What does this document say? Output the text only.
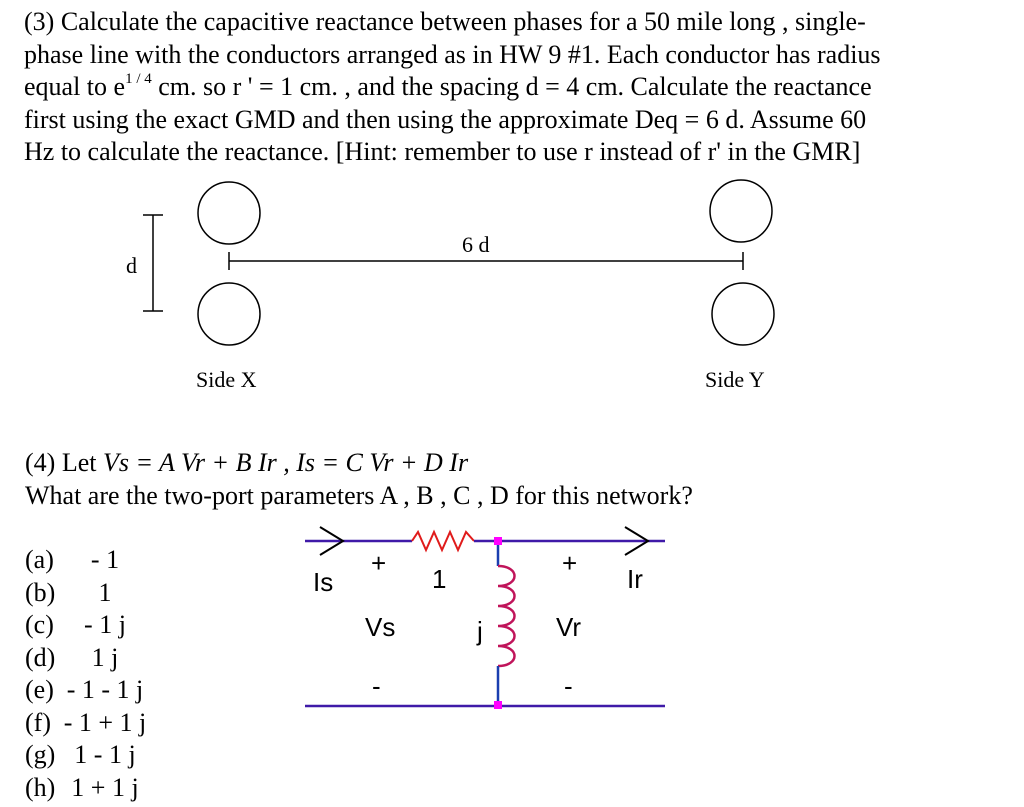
(3) Calculate the capacitive reactance between phases for a 50 mile long , single-
phase line with the conductors arranged as in HW 9 #1. Each conductor has radius
equal to $e^{1 / 4}$ cm. so r ' = 1 cm. , and the spacing d = 4 cm. Calculate the reactance
first using the exact GMD and then using the approximate Deq = 6 d. Assume 60
Hz to calculate the reactance. [Hint: remember to use r instead of r' in the GMR]
d
6 d
Side X	Side Y
(4) Let Vs = A Vr + B Ir , Is = C Vr + D Ir
What are the two-port parameters A , B , C , D for this network?
(a)	- 1
(b)	1
(c)	- 1 j
(d)	1 j
(e) - 1 - 1 j
(f) - 1 + 1 j
(g) 1 - 1 j
(h) 1 + 1 j
Is	Ir
+	+
1
Vs	j	Vr
-	-
